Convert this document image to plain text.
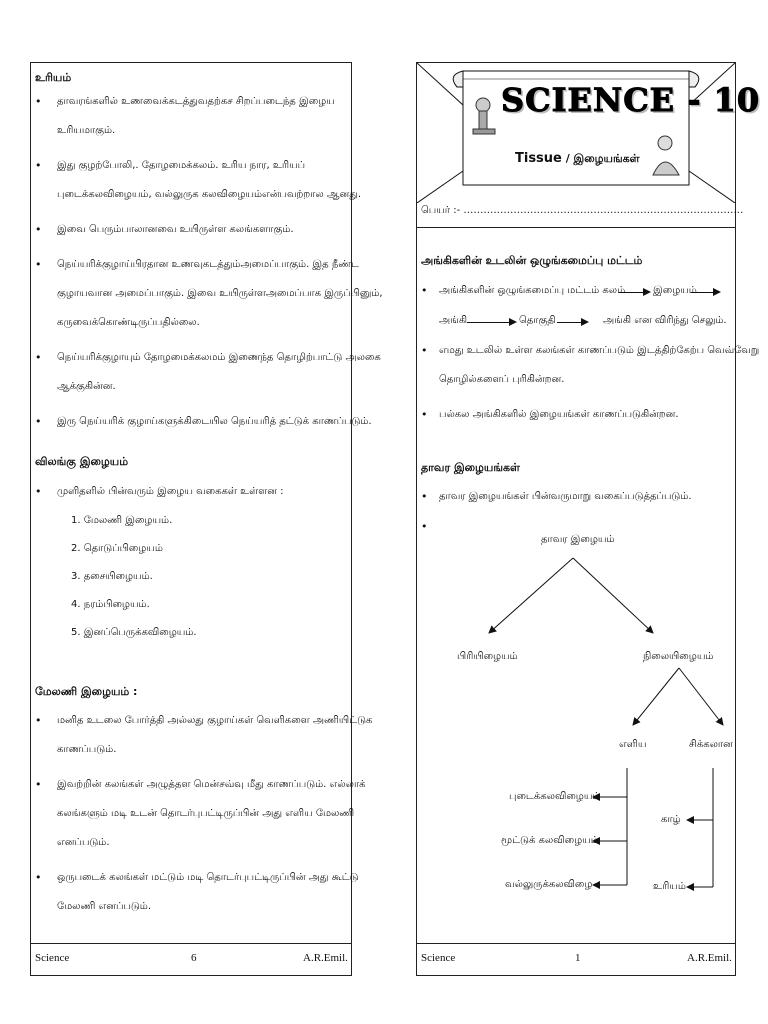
உரியம்
• தாவரங்களில் உணவைக்கடத்துவதற்கச சிறப்படைந்த இழைய
உரியமாகும்.
• இது குழற்போலி,. தோழமைக்கலம். உரிய நார, உரியப்
புடைக்கலவிழையம், வல்லுருக கலவிழையம்என்பவற்றால ஆனது.
• இவை பெரும்பாலானவை உயிருள்ள கலங்களாகும்.
• நெய்யரிக்குழாய்பிரதான உணவுகடத்தும்அமைப்பாகும். இத நீண்ட
குழாயவான அமைப்பாகும். இவை உயிருள்ளஅமைப்பாக இருப்பினும்,
கருவைக்கொண்டிருப்பதில்லை.
• நெய்யரிக்குழாயும் தோழமைக்கலமம் இணைந்த தொழிற்பாட்டு அலகை
ஆக்குகின்ன.
• இரு நெய்யரிக் குழாய்களுக்கிடையில நெய்யரித் தட்டுக் காணப்படும்.
விலங்கு இழையம்
• முளிதளில் பின்வரும் இழைய வகைகள் உள்ளன :
1. மேலணி இழையம்.
2. தொடுப்பிழையம்
3. தசையிழையம்.
4. நரம்பிழையம்.
5. இனப்பெருக்கவிழையம்.
மேலணி இழையம் :
• மனித உடலை போர்த்தி அல்லது குழாய்கள் வெளிகளை அணியிட்டுக
காணப்படும்.
• இவற்றின் கலங்கள் அழுத்தள மென்சவ்வு மீது காணப்படும். எல்லாக்
கலங்களும் மடி உடன் தொடர்புபட்டிருப்பின் அது எளிய மேலணி
எனப்படும்.
• ஒருபடைக் கலங்கள் மட்டும் மடி தொடர்புபட்டிருப்பின் அது கூட்டு
மேலணி எனப்படும்.
Science	6	A.R.Emil.
SCIENCE - 10
Tissue / இழையங்கள்
பெயர் :- …………………………………………………………………………
அங்கிகளின் உடலின் ஒழுங்கமைப்பு மட்டம்
• அங்கிகளின் ஒழுங்கமைப்பு மட்டம் கலம்	இழையம்
அங்கி	தொகுதி	அங்கி என விரிந்து செலும்.
• எமது உடலில் உள்ள கலங்கள் காணப்படும் இடத்திற்கேற்ப வெவ்வேறு
தொழில்களைப் புரிகின்றன.
• பல்கல அங்கிகளில் இழையங்கள் காணப்படுகின்றன.
தாவர இழையங்கள்
• தாவர இழையங்கள் பின்வருமாறு வகைப்படுத்தப்படும்.
•
தாவர இழையம்
பிரியிழையம்	நிலையிழையம்
எளிய	சிக்கலான
புடைக்கலவிழையம்
மூட்டுக் கலவிழையம்
வல்லுருக்கலவிழை
காழ்
உரியம்
Science	1	A.R.Emil.
